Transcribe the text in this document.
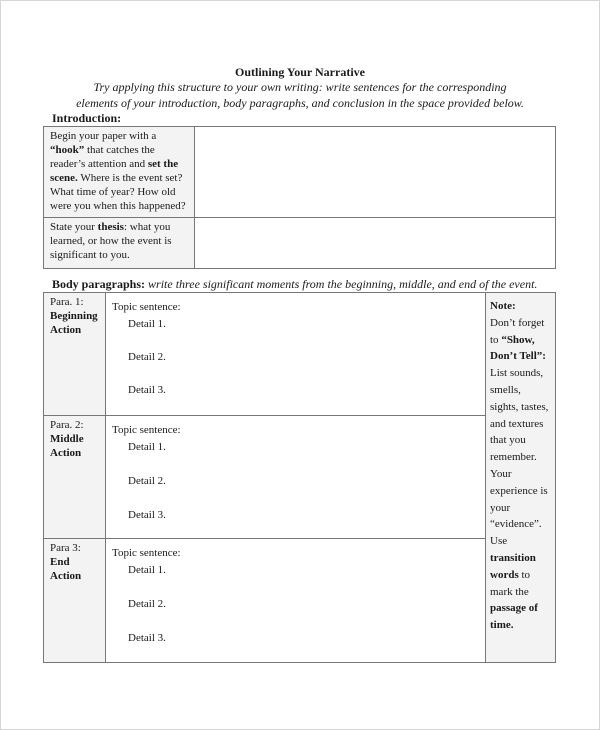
Outlining Your Narrative
Try applying this structure to your own writing: write sentences for the corresponding
elements of your introduction, body paragraphs, and conclusion in the space provided below.
Introduction:
Begin your paper with a
“hook” that catches the
reader’s attention and set the
scene. Where is the event set?
What time of year? How old
were you when this happened?
State your thesis: what you
learned, or how the event is
significant to you.
Body paragraphs: write three significant moments from the beginning, middle, and end of the event.
Para. 1:
Beginning
Action
Topic sentence:
Detail 1.
Detail 2.
Detail 3.
Para. 2:
Middle
Action
Topic sentence:
Detail 1.
Detail 2.
Detail 3.
Para 3:
End
Action
Topic sentence:
Detail 1.
Detail 2.
Detail 3.
Note:
Don’t forget
to “Show,
Don’t Tell”:
List sounds,
smells,
sights, tastes,
and textures
that you
remember.
Your
experience is
your
“evidence”.
Use
transition
words to
mark the
passage of
time.
